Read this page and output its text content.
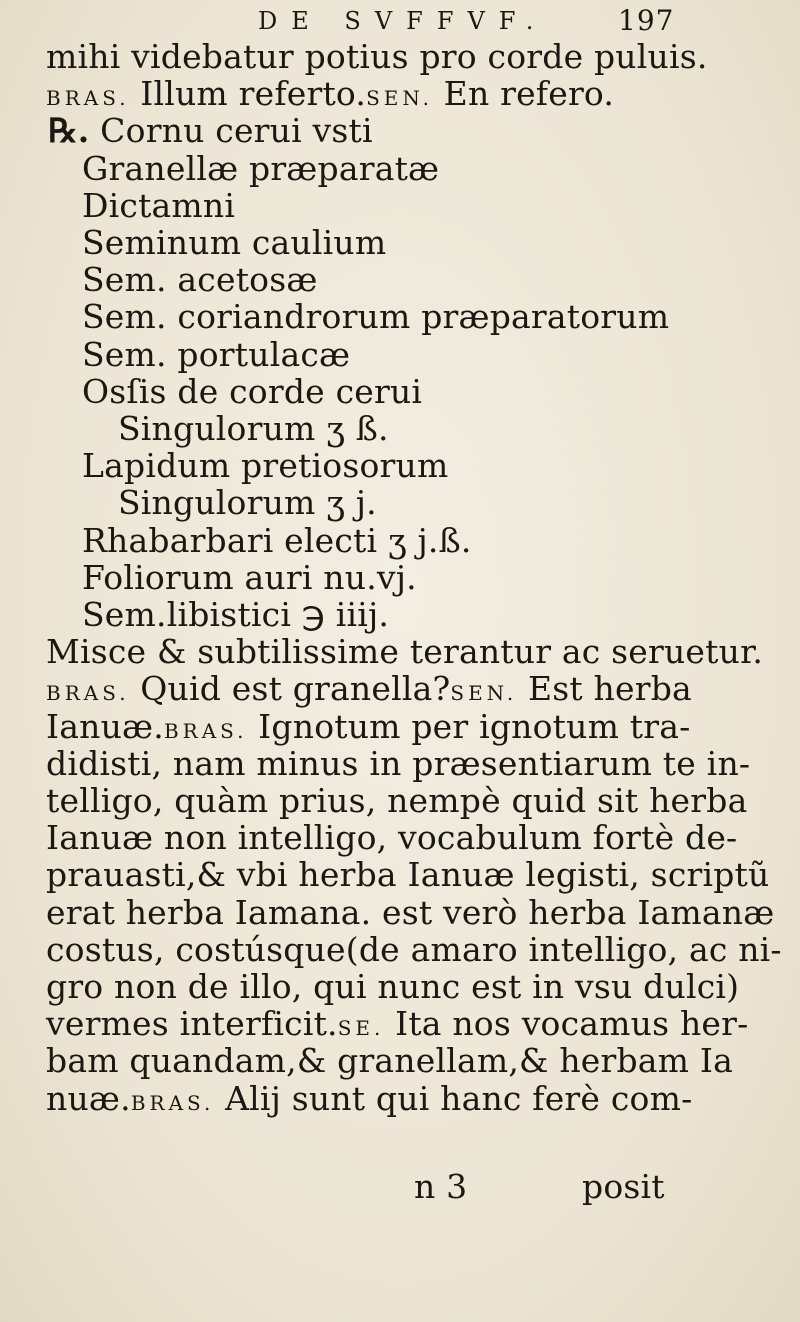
DE SVFFVF.	197
mihi videbatur potius pro corde puluis.
BRAS. Illum referto.SEN. En refero.
℞. Cornu cerui vsti
Granellæ præparatæ
Dictamni
Seminum caulium
Sem. acetosæ
Sem. coriandrorum præparatorum
Sem. portulacæ
Osſis de corde cerui
Singulorum ʒ ß.
Lapidum pretiosorum
Singulorum ʒ j.
Rhabarbari electi ʒ j.ß.
Foliorum auri nu.vj.
Sem.libistici ℈ iiij.
Misce & subtilissime terantur ac seruetur.
BRAS. Quid est granella?SEN. Est herba
Ianuæ.BRAS. Ignotum per ignotum tra-
didisti, nam minus in præsentiarum te in-
telligo, quàm prius, nempè quid sit herba
Ianuæ non intelligo, vocabulum fortè de-
prauasti,& vbi herba Ianuæ legisti, scriptũ
erat herba Iamana. est verò herba Iamanæ
costus, costúsque(de amaro intelligo, ac ni-
gro non de illo, qui nunc est in vsu dulci)
vermes interficit.SE. Ita nos vocamus her-
bam quandam,& granellam,& herbam Ia
nuæ.BRAS. Alij sunt qui hanc ferè com-
n 3	posit
